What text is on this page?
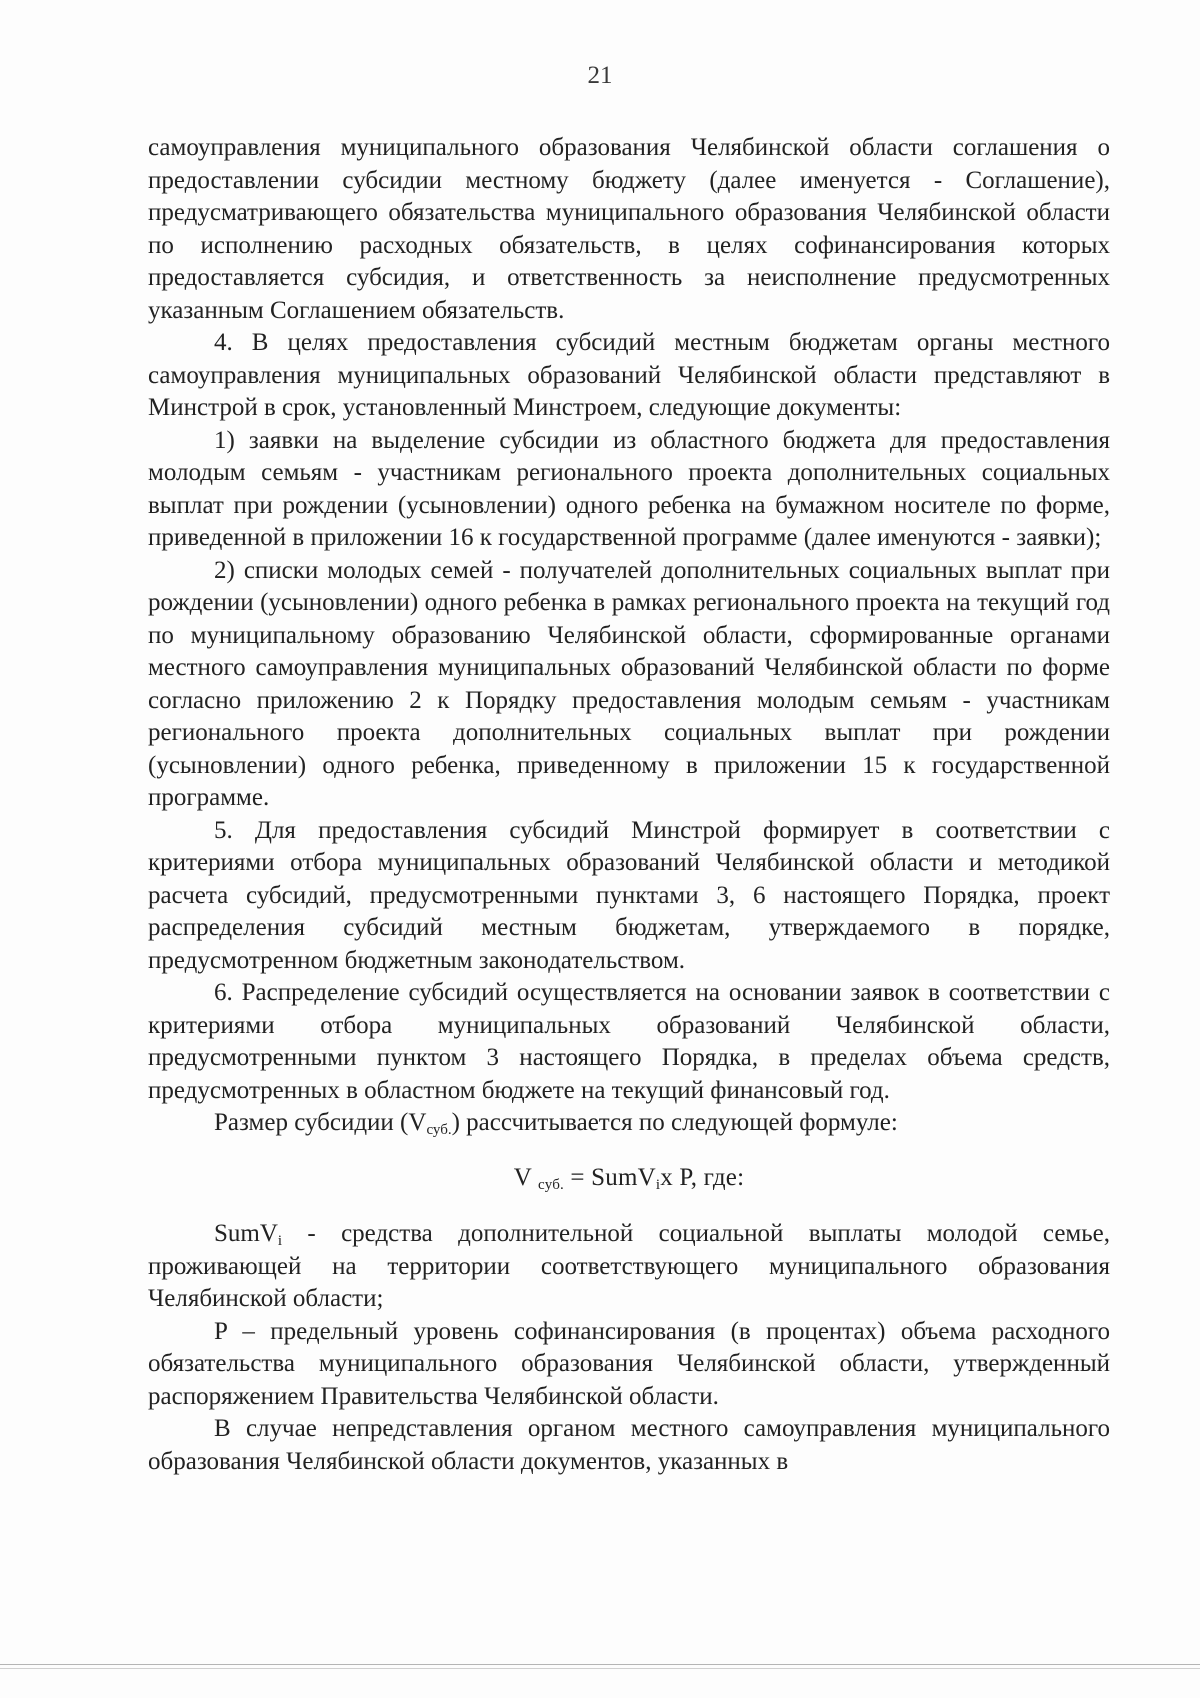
21

самоуправления муниципального образования Челябинской области соглашения о предоставлении субсидии местному бюджету (далее именуется - Соглашение), предусматривающего обязательства муниципального образования Челябинской области по исполнению расходных обязательств, в целях софинансирования которых предоставляется субсидия, и ответственность за неисполнение предусмотренных указанным Соглашением обязательств.

4. В целях предоставления субсидий местным бюджетам органы местного самоуправления муниципальных образований Челябинской области представляют в Минстрой в срок, установленный Минстроем, следующие документы:

1) заявки на выделение субсидии из областного бюджета для предоставления молодым семьям - участникам регионального проекта дополнительных социальных выплат при рождении (усыновлении) одного ребенка на бумажном носителе по форме, приведенной в приложении 16 к государственной программе (далее именуются - заявки);

2) списки молодых семей - получателей дополнительных социальных выплат при рождении (усыновлении) одного ребенка в рамках регионального проекта на текущий год по муниципальному образованию Челябинской области, сформированные органами местного самоуправления муниципальных образований Челябинской области по форме согласно приложению 2 к Порядку предоставления молодым семьям - участникам регионального проекта дополнительных социальных выплат при рождении (усыновлении) одного ребенка, приведенному в приложении 15 к государственной программе.

5. Для предоставления субсидий Минстрой формирует в соответствии с критериями отбора муниципальных образований Челябинской области и методикой расчета субсидий, предусмотренными пунктами 3, 6 настоящего Порядка, проект распределения субсидий местным бюджетам, утверждаемого в порядке, предусмотренном бюджетным законодательством.

6. Распределение субсидий осуществляется на основании заявок в соответствии с критериями отбора муниципальных образований Челябинской области, предусмотренными пунктом 3 настоящего Порядка, в пределах объема средств, предусмотренных в областном бюджете на текущий финансовый год.

Размер субсидии $(V_{суб.})$ рассчитывается по следующей формуле:

V $_{суб.}$ = SumV$_i$x P, где:

SumV$_i$ - средства дополнительной социальной выплаты молодой семье, проживающей на территории соответствующего муниципального образования Челябинской области;

P – предельный уровень софинансирования (в процентах) объема расходного обязательства муниципального образования Челябинской области, утвержденный распоряжением Правительства Челябинской области.

В случае непредставления органом местного самоуправления муниципального образования Челябинской области документов, указанных в
